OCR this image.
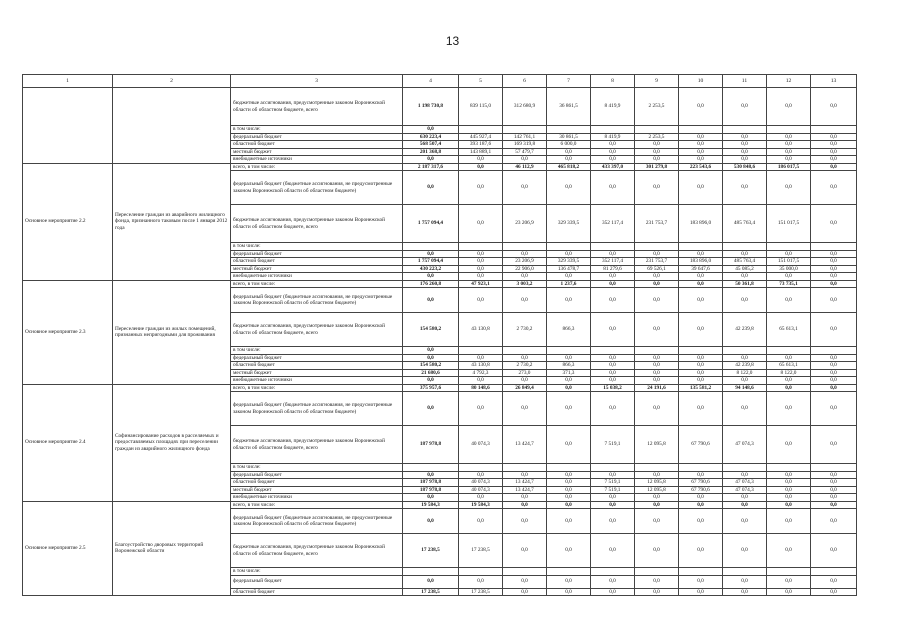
13
1	2	3	4	5	6	7	8	9	10	11	12	13
		бюджетные ассигнования, предусмотренные законом Воронежской области об областном бюджете, всего	1 198 730,8	839 115,0	312 680,9	36 861,5	8 419,9	2 253,5	0,0	0,0	0,0	0,0
		в том числе:	0,0									
		федеральный бюджет	630 223,4	445 927,4	142 761,1	30 861,5	8 419,9	2 253,5	0,0	0,0	0,0	0,0
		областной бюджет	568 507,4	393 187,6	169 319,8	6 000,0	0,0	0,0	0,0	0,0	0,0	0,0
		местный бюджет	201 368,8	143 889,1	57 479,7	0,0	0,0	0,0	0,0	0,0	0,0	0,0
		внебюджетные источники	0,0	0,0	0,0	0,0	0,0	0,0	0,0	0,0	0,0	0,0
Основное мероприятие 2.2	Переселение граждан из аварийного жилищного фонда, признанного таковым после 1 января 2012 года	всего, в том числе:	2 187 317,6	0,0	46 112,9	465 818,2	433 397,0	301 279,8	223 543,6	530 848,6	186 017,5	0,0
		федеральный бюджет (бюджетные ассигнования, не предусмотренные законом Воронежской области об областном бюджете)	0,0	0,0	0,0	0,0	0,0	0,0	0,0	0,0	0,0	0,0
		бюджетные ассигнования, предусмотренные законом Воронежской области об областном бюджете, всего	1 757 094,4	0,0	23 206,9	329 339,5	352 117,4	231 753,7	183 896,0	485 763,4	151 017,5	0,0
		в том числе:										
		федеральный бюджет	0,0	0,0	0,0	0,0	0,0	0,0	0,0	0,0	0,0	0,0
		областной бюджет	1 757 094,4	0,0	23 206,9	329 339,5	352 117,4	231 753,7	183 896,0	485 763,4	151 017,5	0,0
		местный бюджет	430 223,2	0,0	22 906,0	136 478,7	81 279,6	69 526,1	39 647,6	45 085,2	35 000,0	0,0
		внебюджетные источники	0,0	0,0	0,0	0,0	0,0	0,0	0,0	0,0	0,0	0,0
Основное мероприятие 2.3	Переселение граждан из жилых помещений, признанных непригодными для проживания	всего, в том числе:	176 260,8	47 923,1	3 003,2	1 237,6	0,0	0,0	0,0	50 361,8	73 735,1	0,0
		федеральный бюджет (бюджетные ассигнования, не предусмотренные законом Воронежской области об областном бюджете)	0,0	0,0	0,0	0,0	0,0	0,0	0,0	0,0	0,0	0,0
		бюджетные ассигнования, предусмотренные законом Воронежской области об областном бюджете, всего	154 580,2	43 130,8	2 730,2	866,3	0,0	0,0	0,0	42 239,8	65 613,1	0,0
		в том числе:	0,0									
		федеральный бюджет	0,0	0,0	0,0	0,0	0,0	0,0	0,0	0,0	0,0	0,0
		областной бюджет	154 580,2	43 130,8	2 730,2	866,3	0,0	0,0	0,0	42 239,8	65 613,1	0,0
		местный бюджет	21 680,6	4 792,3	273,0	371,3	0,0	0,0	0,0	8 122,0	8 122,0	0,0
		внебюджетные источники	0,0	0,0	0,0	0,0	0,0	0,0	0,0	0,0	0,0	0,0
Основное мероприятие 2.4	Софинансирование расходов в расселяемых и предоставляемых площадях при переселении граждан из аварийного жилищного фонда	всего, в том числе:	375 957,6	80 148,6	26 849,4	0,0	15 038,2	24 191,6	135 581,2	94 148,6	0,0	0,0
		федеральный бюджет (бюджетные ассигнования, не предусмотренные законом Воронежской области об областном бюджете)	0,0	0,0	0,0	0,0	0,0	0,0	0,0	0,0	0,0	0,0
		бюджетные ассигнования, предусмотренные законом Воронежской области об областном бюджете, всего	187 978,8	40 074,3	13 424,7	0,0	7 519,1	12 095,8	67 790,6	47 074,3	0,0	0,0
		в том числе:										
		федеральный бюджет	0,0	0,0	0,0	0,0	0,0	0,0	0,0	0,0	0,0	0,0
		областной бюджет	187 978,8	40 074,3	13 424,7	0,0	7 519,1	12 095,8	67 790,6	47 074,3	0,0	0,0
		местный бюджет	187 978,8	40 074,3	13 424,7	0,0	7 519,1	12 095,8	67 790,6	47 074,3	0,0	0,0
		внебюджетные источники	0,0	0,0	0,0	0,0	0,0	0,0	0,0	0,0	0,0	0,0
Основное мероприятие 2.5	Благоустройство дворовых территорий Воронежской области	всего, в том числе:	19 584,3	19 584,3	0,0	0,0	0,0	0,0	0,0	0,0	0,0	0,0
		федеральный бюджет (бюджетные ассигнования, не предусмотренные законом Воронежской области об областном бюджете)	0,0	0,0	0,0	0,0	0,0	0,0	0,0	0,0	0,0	0,0
		бюджетные ассигнования, предусмотренные законом Воронежской области об областном бюджете, всего	17 238,5	17 238,5	0,0	0,0	0,0	0,0	0,0	0,0	0,0	0,0
		в том числе:										
		федеральный бюджет	0,0	0,0	0,0	0,0	0,0	0,0	0,0	0,0	0,0	0,0
		областной бюджет	17 238,5	17 238,5	0,0	0,0	0,0	0,0	0,0	0,0	0,0	0,0
